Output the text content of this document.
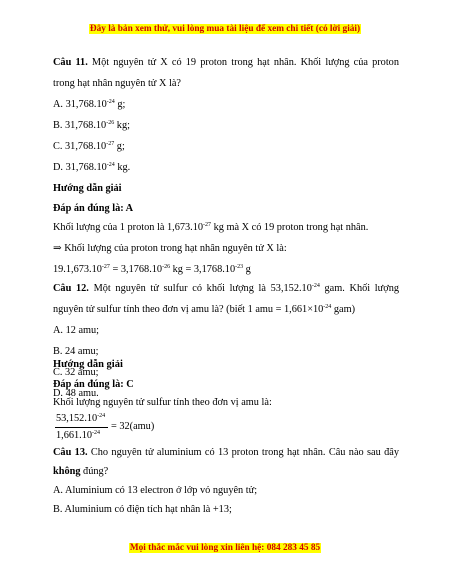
Đây là bản xem thử, vui lòng mua tài liệu để xem chi tiết (có lời giải)
Câu 11. Một nguyên tử X có 19 proton trong hạt nhân. Khối lượng của proton
trong hạt nhân nguyên tử X là?
A. $31,768.10^{-24}$ g;
B. $31,768.10^{-26}$ kg;
C. $31,768.10^{-27}$ g;
D. $31,768.10^{-24}$ kg.
Hướng dẫn giải
Đáp án đúng là: A
Khối lượng của 1 proton là $1,673.10^{-27}$ kg mà X có 19 proton trong hạt nhân.
⇒ Khối lượng của proton trong hạt nhân nguyên tử X là:
$19.1,673.10^{-27} = 3,1768.10^{-26}$ kg = $3,1768.10^{-23}$ g
Câu 12. Một nguyên tử sulfur có khối lượng là $53,152.10^{-24}$ gam. Khối lượng
nguyên tử sulfur tính theo đơn vị amu là? (biết 1 amu = $1,661\times 10^{-24}$ gam)
A. 12 amu;
B. 24 amu;
C. 32 amu;
D. 48 amu.
Hướng dẫn giải
Đáp án đúng là: C
Khối lượng nguyên tử sulfur tính theo đơn vị amu là:
$53,152.10^{-24}$
$1,661.10^{-24}$
= 32(amu)
Câu 13. Cho nguyên tử aluminium có 13 proton trong hạt nhân. Câu nào sau đây
không đúng?
A. Aluminium có 13 electron ở lớp vỏ nguyên tử;
B. Aluminium có điện tích hạt nhân là +13;
Mọi thắc mắc vui lòng xin liên hệ: 084 283 45 85
